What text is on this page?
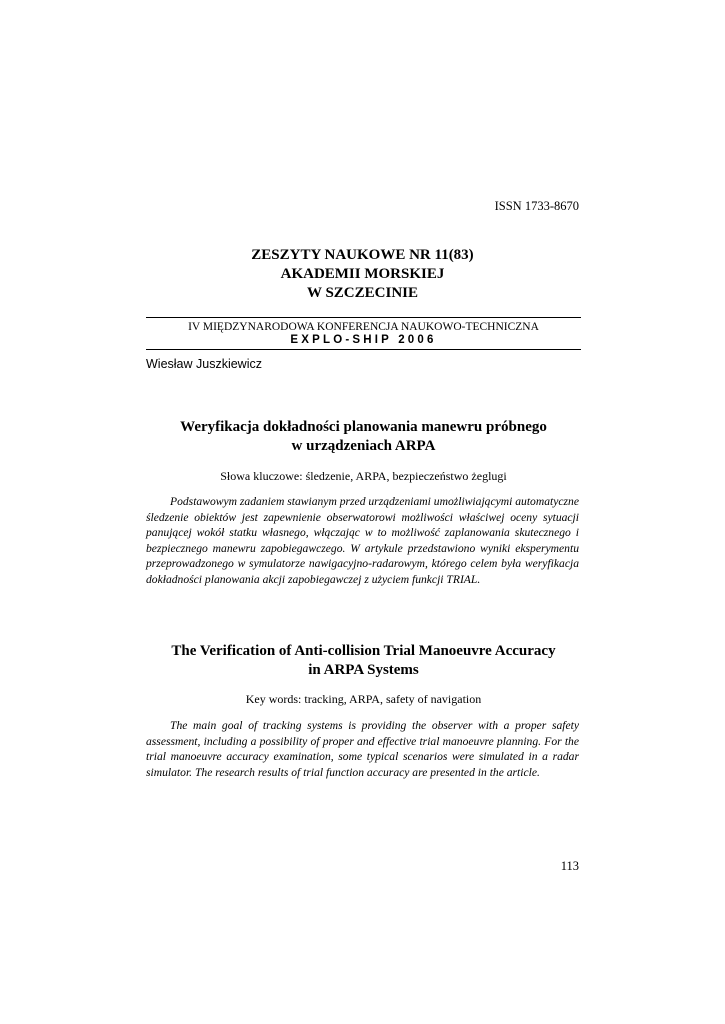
ISSN 1733-8670
ZESZYTY NAUKOWE NR 11(83)
AKADEMII MORSKIEJ
W SZCZECINIE
IV MIĘDZYNARODOWA KONFERENCJA NAUKOWO-TECHNICZNA
EXPLO-SHIP 2006
Wiesław Juszkiewicz
Weryfikacja dokładności planowania manewru próbnego
w urządzeniach ARPA
Słowa kluczowe: śledzenie, ARPA, bezpieczeństwo żeglugi

Podstawowym zadaniem stawianym przed urządzeniami umożliwiającymi automatyczne śledzenie obiektów jest zapewnienie obserwatorowi możliwości właściwej oceny sytuacji panującej wokół statku własnego, włączając w to możliwość zaplanowania skutecznego i bezpiecznego manewru zapobiegawczego. W artykule przedstawiono wyniki eksperymentu przeprowadzonego w symulatorze nawigacyjno-radarowym, którego celem była weryfikacja dokładności planowania akcji zapobiegawczej z użyciem funkcji TRIAL.

The Verification of Anti-collision Trial Manoeuvre Accuracy
in ARPA Systems
Key words: tracking, ARPA, safety of navigation

The main goal of tracking systems is providing the observer with a proper safety assessment, including a possibility of proper and effective trial manoeuvre planning. For the trial manoeuvre accuracy examination, some typical scenarios were simulated in a radar simulator. The research results of trial function accuracy are presented in the article.

113
